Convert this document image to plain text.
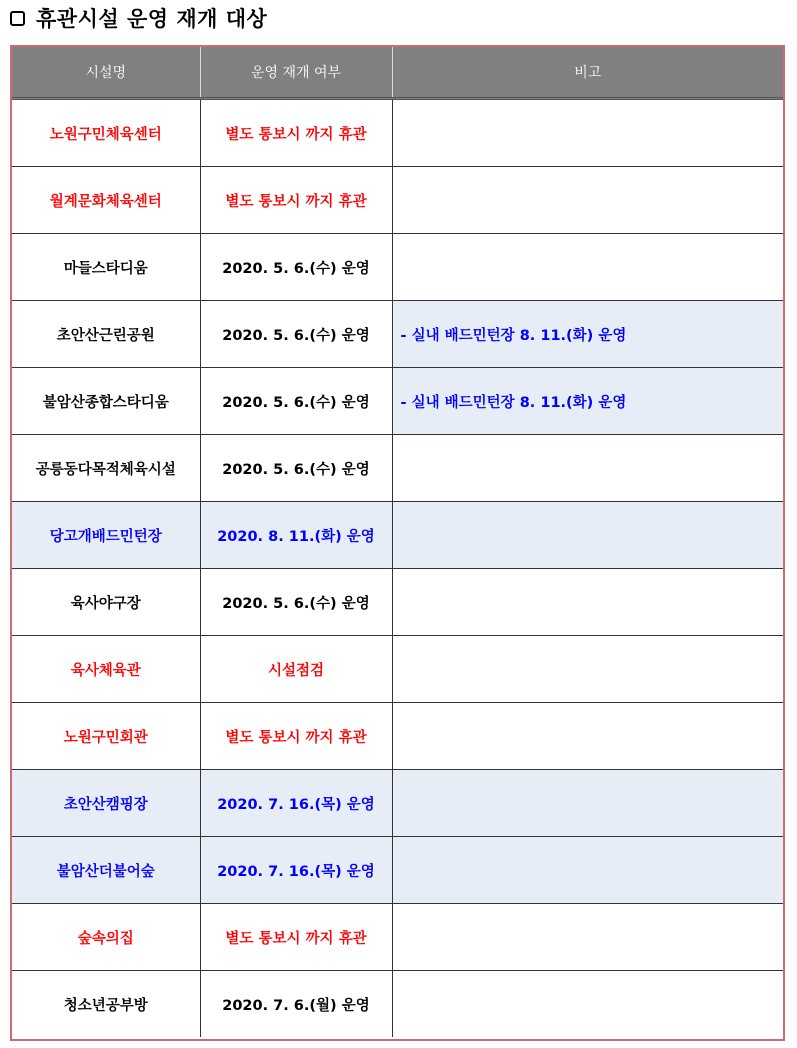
휴관시설 운영 재개 대상
시설명	운영 재개 여부	비고
노원구민체육센터	별도 통보시 까지 휴관	
월계문화체육센터	별도 통보시 까지 휴관	
마들스타디움	2020. 5. 6.(수) 운영	
초안산근린공원	2020. 5. 6.(수) 운영	- 실내 배드민턴장 8. 11.(화) 운영
불암산종합스타디움	2020. 5. 6.(수) 운영	- 실내 배드민턴장 8. 11.(화) 운영
공릉동다목적체육시설	2020. 5. 6.(수) 운영	
당고개배드민턴장	2020. 8. 11.(화) 운영	
육사야구장	2020. 5. 6.(수) 운영	
육사체육관	시설점검	
노원구민회관	별도 통보시 까지 휴관	
초안산캠핑장	2020. 7. 16.(목) 운영	
불암산더불어숲	2020. 7. 16.(목) 운영	
숲속의집	별도 통보시 까지 휴관	
청소년공부방	2020. 7. 6.(월) 운영	
